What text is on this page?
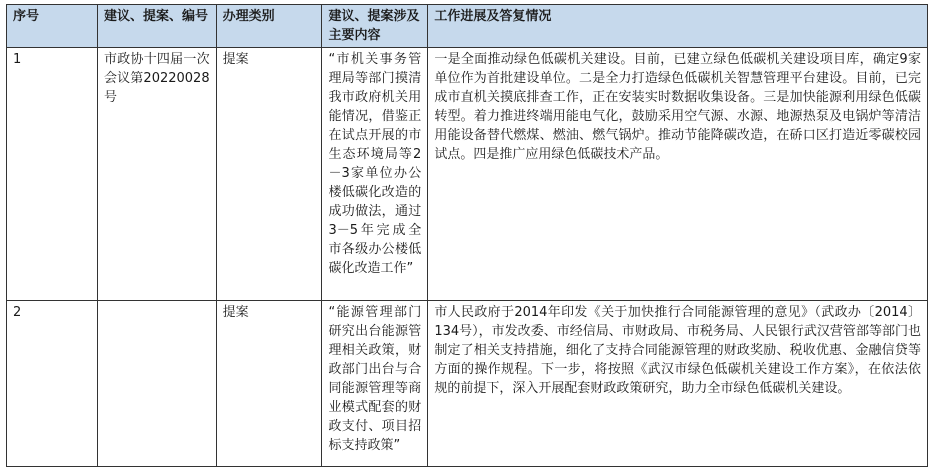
序号	建议、提案、编号	办理类别	建议、提案涉及主要内容	工作进展及答复情况
1	市政协十四届一次会议第20220028号	提案	“市机关事务管理局等部门摸清我市政府机关用能情况，借鉴正在试点开展的市生态环境局等2－3家单位办公楼低碳化改造的成功做法，通过3－5年完成全市各级办公楼低碳化改造工作”	一是全面推动绿色低碳机关建设。目前，已建立绿色低碳机关建设项目库，确定9家单位作为首批建设单位。二是全力打造绿色低碳机关智慧管理平台建设。目前，已完成市直机关摸底排查工作，正在安装实时数据收集设备。三是加快能源利用绿色低碳转型。着力推进终端用能电气化，鼓励采用空气源、水源、地源热泵及电锅炉等清洁用能设备替代燃煤、燃油、燃气锅炉。推动节能降碳改造，在硚口区打造近零碳校园试点。四是推广应用绿色低碳技术产品。
2		提案	“能源管理部门研究出台能源管理相关政策，财政部门出台与合同能源管理等商业模式配套的财政支付、项目招标支持政策”	市人民政府于2014年印发《关于加快推行合同能源管理的意见》（武政办〔2014〕134号），市发改委、市经信局、市财政局、市税务局、人民银行武汉营管部等部门也制定了相关支持措施，细化了支持合同能源管理的财政奖励、税收优惠、金融信贷等方面的操作规程。下一步，将按照《武汉市绿色低碳机关建设工作方案》，在依法依规的前提下，深入开展配套财政政策研究，助力全市绿色低碳机关建设。
